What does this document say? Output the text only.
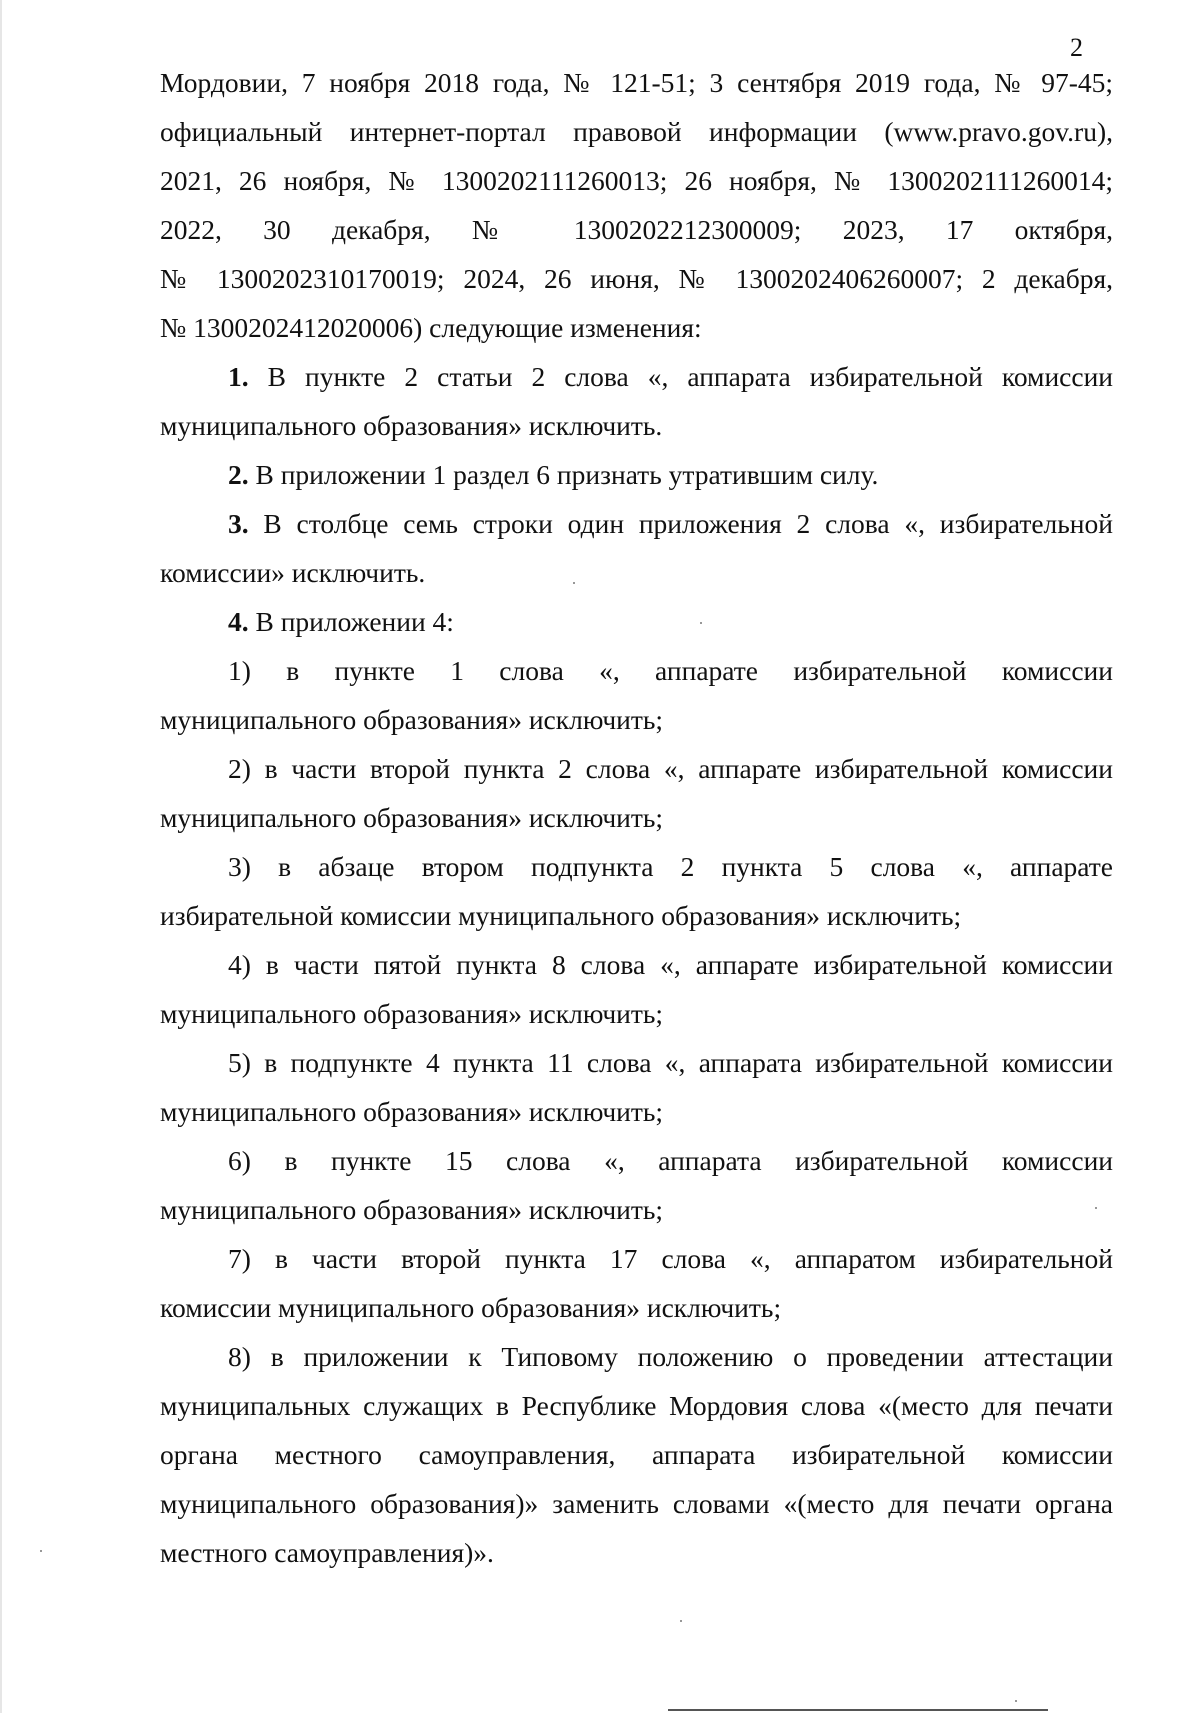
2
Мордовии, 7 ноября 2018 года, № 121-51; 3 сентября 2019 года, № 97-45;
официальный интернет-портал правовой информации (www.pravo.gov.ru),
2021, 26 ноября, № 1300202111260013; 26 ноября, № 1300202111260014;
2022, 30 декабря, № 1300202212300009; 2023, 17 октября,
№ 1300202310170019; 2024, 26 июня, № 1300202406260007; 2 декабря,
№ 1300202412020006) следующие изменения:
1. В пункте 2 статьи 2 слова «, аппарата избирательной комиссии
муниципального образования» исключить.
2. В приложении 1 раздел 6 признать утратившим силу.
3. В столбце семь строки один приложения 2 слова «, избирательной
комиссии» исключить.
4. В приложении 4:
1) в пункте 1 слова «, аппарате избирательной комиссии
муниципального образования» исключить;
2) в части второй пункта 2 слова «, аппарате избирательной комиссии
муниципального образования» исключить;
3) в абзаце втором подпункта 2 пункта 5 слова «, аппарате
избирательной комиссии муниципального образования» исключить;
4) в части пятой пункта 8 слова «, аппарате избирательной комиссии
муниципального образования» исключить;
5) в подпункте 4 пункта 11 слова «, аппарата избирательной комиссии
муниципального образования» исключить;
6) в пункте 15 слова «, аппарата избирательной комиссии
муниципального образования» исключить;
7) в части второй пункта 17 слова «, аппаратом избирательной
комиссии муниципального образования» исключить;
8) в приложении к Типовому положению о проведении аттестации
муниципальных служащих в Республике Мордовия слова «(место для печати
органа местного самоуправления, аппарата избирательной комиссии
муниципального образования)» заменить словами «(место для печати органа
местного самоуправления)».
